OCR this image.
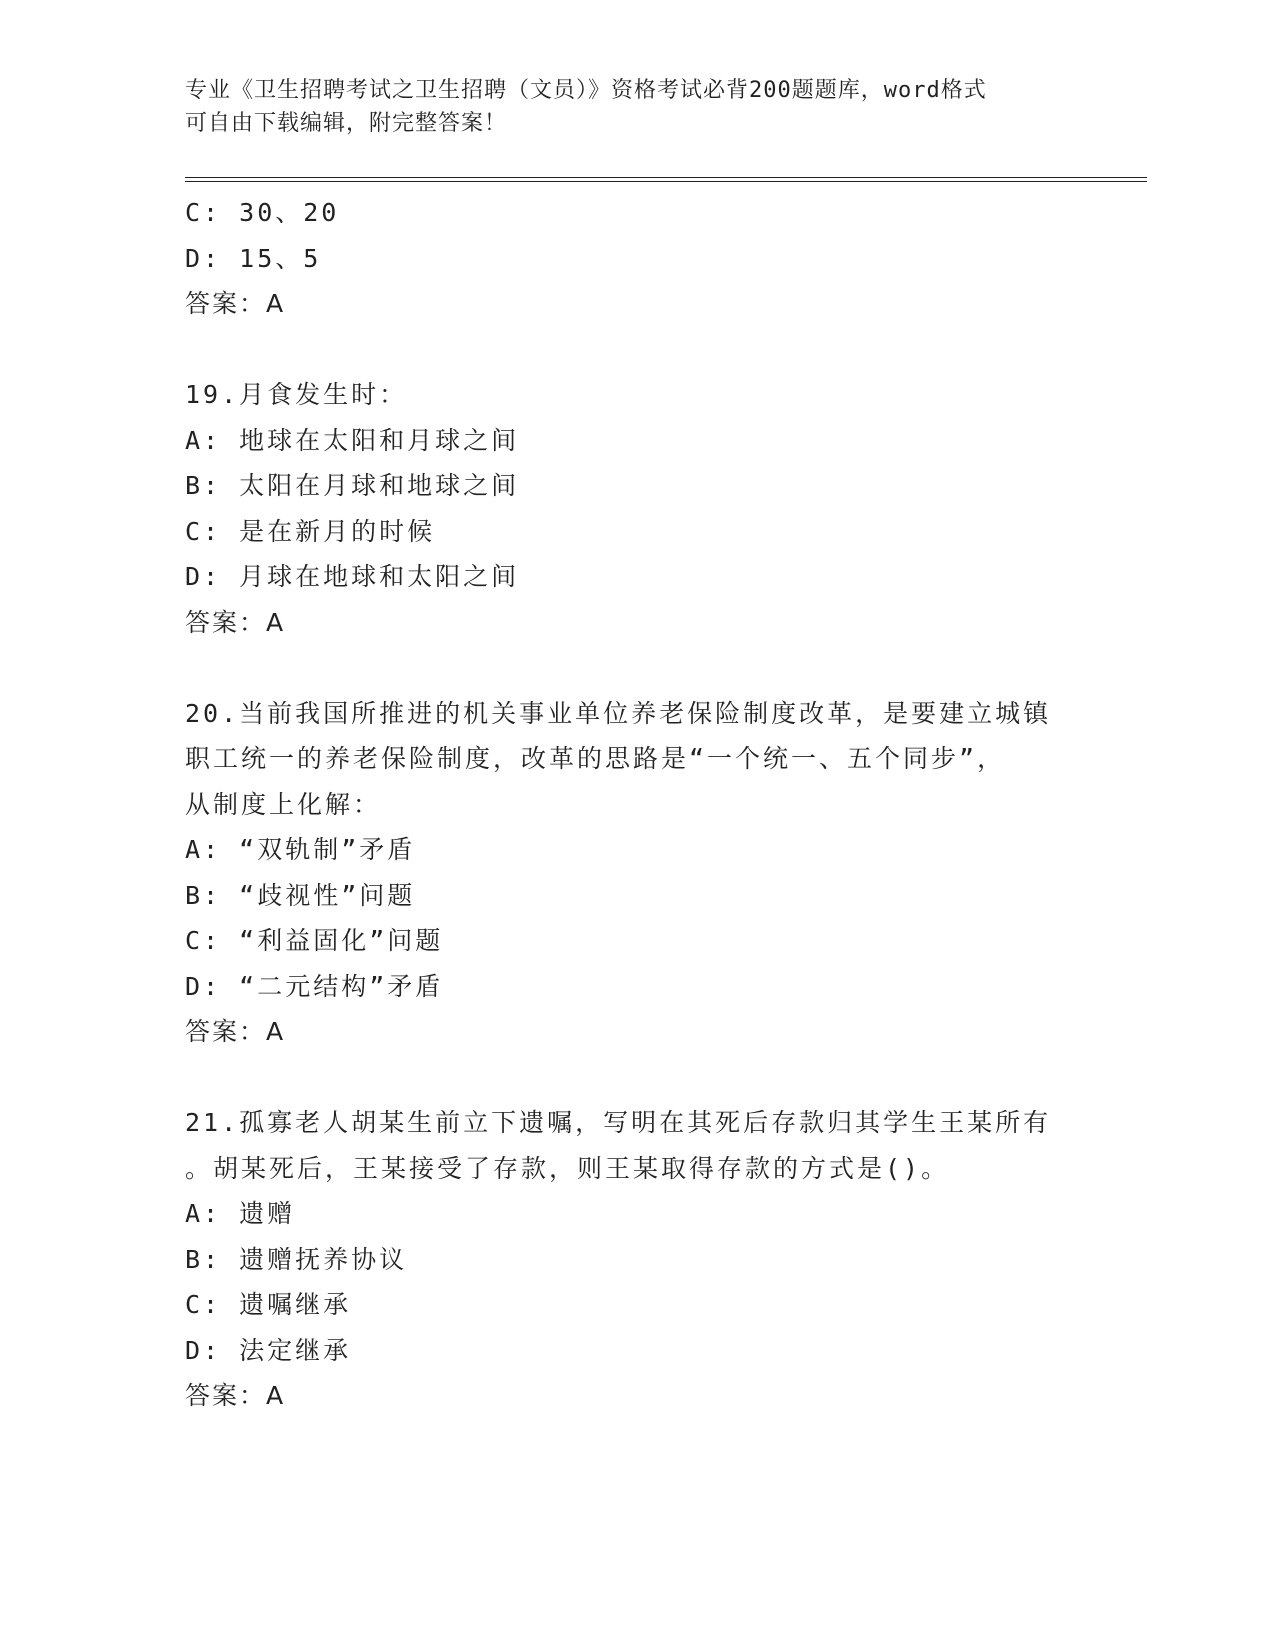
专业《卫生招聘考试之卫生招聘（文员）》资格考试必背200题题库，word格式
可自由下载编辑，附完整答案！
C: 30、20
D: 15、5
答案：A
19.月食发生时：
A: 地球在太阳和月球之间
B: 太阳在月球和地球之间
C: 是在新月的时候
D: 月球在地球和太阳之间
答案：A
20.当前我国所推进的机关事业单位养老保险制度改革，是要建立城镇
职工统一的养老保险制度，改革的思路是“一个统一、五个同步”，
从制度上化解：
A: “双轨制”矛盾
B: “歧视性”问题
C: “利益固化”问题
D: “二元结构”矛盾
答案：A
21.孤寡老人胡某生前立下遗嘱，写明在其死后存款归其学生王某所有
。胡某死后，王某接受了存款，则王某取得存款的方式是()。
A: 遗赠
B: 遗赠抚养协议
C: 遗嘱继承
D: 法定继承
答案：A
